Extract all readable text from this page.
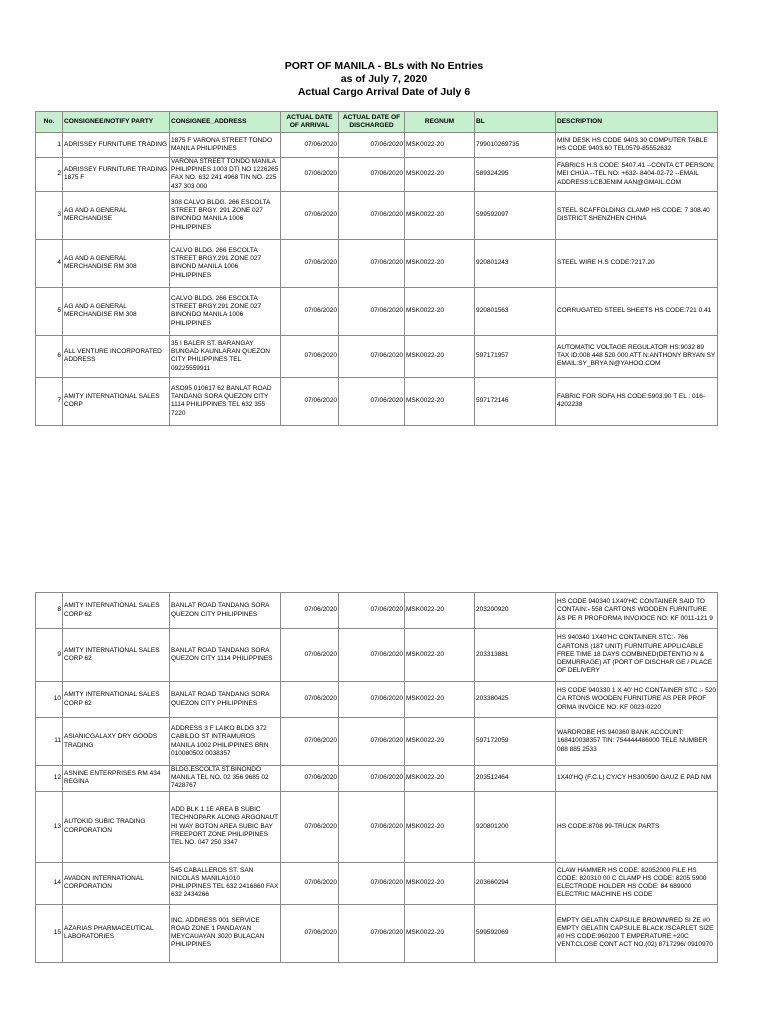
PORT OF MANILA - BLs with No Entries
as of July 7, 2020
Actual Cargo Arrival Date of July 6
No.	CONSIGNEE/NOTIFY PARTY	CONSIGNEE_ADDRESS	ACTUAL DATE OF ARRIVAL	ACTUAL DATE OF DISCHARGED	REGNUM	BL	DESCRIPTION
1	ADRISSEY FURNITURE TRADING	1875 F VARONA STREET TONDO MANILA PHILIPPINES	07/06/2020	07/06/2020	MSK0022-20	799010269735	MINI DESK HS CODE 9403.30 COMPUTER TABLE HS CODE 9403.60 TEL0579-85552632
2	ADRISSEY FURNITURE TRADING 1875 F	VARONA STREET TONDO MANILA PHILIPPINES 1003 DTI NO 1226265 FAX NO. 632 241 4968 TIN NO. 225 437 303 000	07/06/2020	07/06/2020	MSK0022-20	589324295	FABRICS H.S CODE: 5407.41 --CONTA CT PERSON: MEI CHUA --TEL NO: +632- 8404-02-72 --EMAIL ADDRESS:LCBJENIM AAN@GMAIL.COM
3	AG AND A GENERAL MERCHANDISE	308 CALVO BLDG. 266 ESCOLTA STREET BRGY. 291 ZONE 027 BINONDO MANILA 1006 PHILIPPINES	07/06/2020	07/06/2020	MSK0022-20	599592097	STEEL SCAFFOLDING CLAMP HS CODE: 7 308.40 DISTRICT SHENZHEN CHINA
4	AG AND A GENERAL MERCHANDISE RM 308	CALVO BLDG. 266 ESCOLTA STREET BRGY.291 ZONE 027 BINOND MANILA 1006 PHILIPPINES	07/06/2020	07/06/2020	MSK0022-20	920801243	STEEL WIRE H.S CODE:7217.20
5	AG AND A GENERAL MERCHANDISE RM 308	CALVO BLDG. 266 ESCOLTA STREET BRGY.291 ZONE 027 BINONDO MANILA 1006 PHILIPPINES	07/06/2020	07/06/2020	MSK0022-20	920801563	CORRUGATED STEEL SHEETS HS CODE:721 0.41
6	ALL VENTURE INCORPORATED ADDRESS	35 I BALER ST. BARANGAY BUNGAD KAUNLARAN QUEZON CITY PHILIPPINES TEL 09225559911	07/06/2020	07/06/2020	MSK0022-20	597171957	AUTOMATIC VOLTAGE REGULATOR HS:9032 89 TAX ID:008 448 520 000 ATT N:ANTHONY BRYAN SY EMAIL:SY_BRYA N@YAHOO.COM
7	AMITY INTERNATIONAL SALES CORP	ASO95 010617 62 BANLAT ROAD TANDANG SORA QUEZON CITY 1114 PHILIPPINES TEL 632 355 7220	07/06/2020	07/06/2020	MSK0022-20	597172146	FABRIC FOR SOFA HS CODE:5903.90 T EL : 016-4202238
8	AMITY INTERNATIONAL SALES CORP 62	BANLAT ROAD TANDANG SORA QUEZON CITY PHILIPPINES	07/06/2020	07/06/2020	MSK0022-20	203200920	HS CODE 940340 1X40'HC CONTAINER SAID TO CONTAIN:- 558 CARTONS WOODEN FURNITURE AS PE R PROFORMA INVOIOCE NO: KF 0011-121 9
9	AMITY INTERNATIONAL SALES CORP 62	BANLAT ROAD TANDANG SORA QUEZON CITY 1114 PHILIPPINES	07/06/2020	07/06/2020	MSK0022-20	203313881	HS 940340 1X40'HC CONTAINER STC:- 766 CARTONS (187 UNIT) FURNITURE APPLICABLE FREE TIME 18 DAYS COMBINED(DETENTIO N & DEMURRAGE) AT (PORT OF DISCHAR GE / PLACE OF DELIVERY
10	AMITY INTERNATIONAL SALES CORP 62	BANLAT ROAD TANDANG SORA QUEZON CITY PHILIPPINES	07/06/2020	07/06/2020	MSK0022-20	203380425	HS CODE 940330 1 X 40' HC CONTAINER STC :- 520 CA RTONS WOODEN FURNITURE AS PER PROF ORMA INVOICE NO: KF 0023-0220
11	ASIANICGALAXY DRY GOODS TRADING	ADDRESS 3 F LAIKO BLDG 372 CABILDO ST INTRAMUROS MANILA 1002 PHILIPPINES BRN 010080502 0038357	07/06/2020	07/06/2020	MSK0022-20	597172059	WARDROBE HS:940360 BANK ACCOUNT: 168410038357 TIN: 754444486000 TELE NUMBER 088 885 2533
12	ASNINE ENTERPRISES RM 434 REGINA	BLDG.ESCOLTA ST.BINONDO MANILA TEL NO. 02 356 9685 02 7428767	07/06/2020	07/06/2020	MSK0022-20	203512464	1X40'HQ (F.C.L) CY/CY HS300590 GAUZ E PAD NM
13	AUTOKID SUBIC TRADING CORPORATION	ADD BLK 1 1E AREA B SUBIC TECHNOPARK ALONG ARGONAUT HI WAY BOTON AREA SUBIC BAY FREEPORT ZONE PHILIPPINES TEL NO. 047 250 3347	07/06/2020	07/06/2020	MSK0022-20	920801200	HS CODE:8708 99-TRUCK PARTS
14	AVADON INTERNATIONAL CORPORATION	545 CABALLEROS ST. SAN NICOLAS MANILA1010 PHILIPPINES TEL 632 2416860 FAX 632 2434266	07/06/2020	07/06/2020	MSK0022-20	203660294	CLAW HAMMER HS CODE: 82052000 FILE HS CODE: 820310 00 C CLAMP HS CODE: 8205 5900 ELECTRODE HOLDER HS CODE: 84 689000 ELECTRIC MACHINE HS CODE
15	AZARIAS PHARMACEUTICAL LABORATORIES	INC. ADDRESS 001 SERVICE ROAD ZONE 1 PANDAYAN MEYCAUAYAN 3020 BULACAN PHILIPPINES	07/06/2020	07/06/2020	MSK0022-20	599592069	EMPTY GELATIN CAPSULE BROWN/RED SI ZE #0 EMPTY GELATIN CAPSULE BLACK /SCARLET SIZE #0 HS CODE:960200 T EMPERATURE:+20C VENT:CLOSE CONT ACT NO.(02) 8717296/ 0910970
